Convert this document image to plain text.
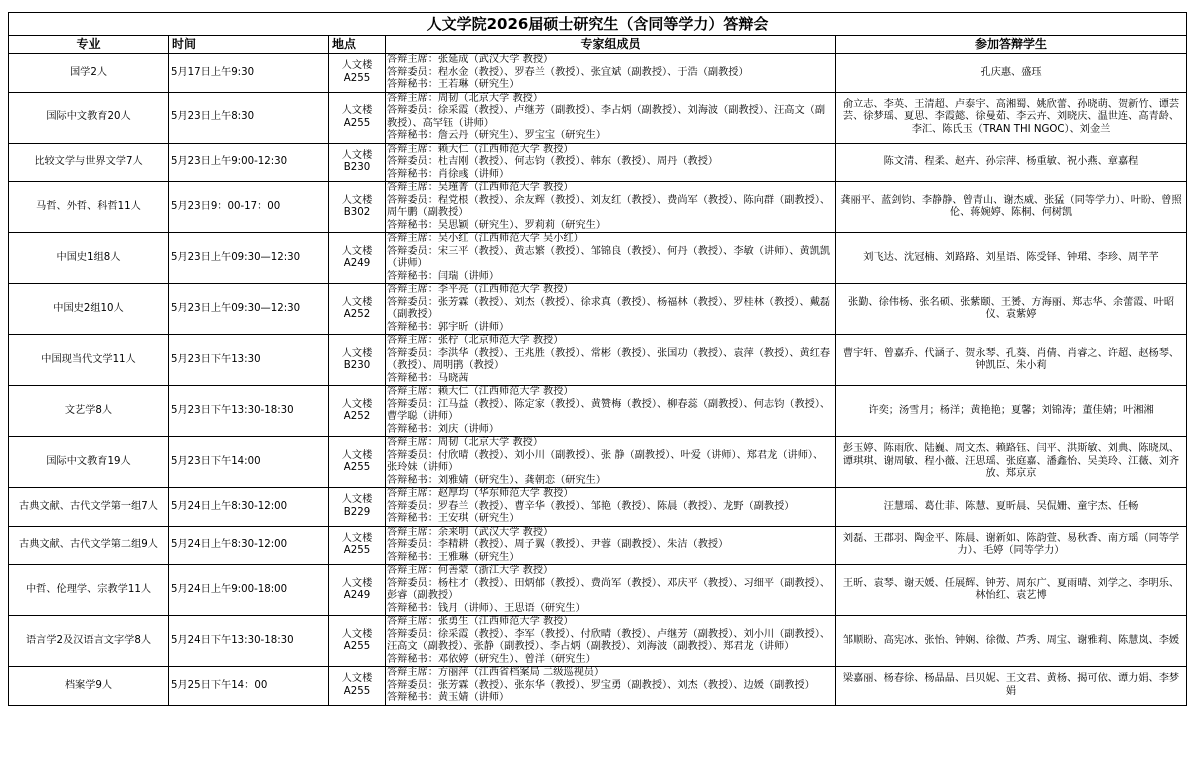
人文学院2026届硕士研究生（含同等学力）答辩会				
专业	时间	地点	专家组成员	参加答辩学生
国学2人	5月17日上午9:30	人文楼A255	答辩主席：张延成（武汉大学 教授）
答辩委员：程水金（教授）、罗春兰（教授）、张宜斌（副教授）、于浩（副教授）
答辩秘书：王若琳（研究生）	孔庆惠、盛珏
国际中文教育20人	5月23日上午8:30	人文楼A255	答辩主席：周韧（北京大学 教授）
答辩委员：徐采霞（教授）、卢继芳（副教授）、李占炳（副教授）、刘海波（副教授）、汪高文（副教授）、高罕钰（讲师）
答辩秘书：詹云丹（研究生）、罗宝宝（研究生）	俞立志、李英、王清超、卢泰宇、高湘蜀、姚欣蕾、孙晓萌、贺新竹、谭芸芸、徐梦瑶、夏思、李霞懿、徐曼茹、李云卉、刘晓庆、温世连、高青龄、李汇、陈氏玉（TRAN THI NGOC）、刘金兰
比较文学与世界文学7人	5月23日上午9:00-12:30	人文楼B230	答辩主席：赖大仁（江西师范大学 教授）
答辩委员：杜吉刚（教授）、何志钧（教授）、韩东（教授）、周丹（教授）
答辩秘书：肖徐彧（讲师）	陈文清、程柔、赵卉、孙宗萍、杨重敏、祝小燕、章嘉程
马哲、外哲、科哲11人	5月23日9：00-17：00	人文楼B302	答辩主席：吴瑾菁（江西师范大学 教授）
答辩委员：程党根（教授）、余友辉（教授）、刘友红（教授）、费尚军（教授）、陈向群（副教授）、周午鹏（副教授）
答辩秘书：吴思颖（研究生）、罗莉莉（研究生）	龚丽平、蓝剑钧、李静静、曾青山、谢杰威、张猛（同等学力）、叶盼、曾照伦、蒋婉婷、陈桐、何树凯
中国史1组8人	5月23日上午09:30—12:30	人文楼A249	答辩主席：吴小红（江西师范大学 吴小红）
答辩委员：宋三平（教授）、黄志繁（教授）、邹锦良（教授）、何丹（教授）、李敏（讲师）、黄凯凯（讲师）
答辩秘书：闫瑞（讲师）	刘飞达、沈冠楠、刘路路、刘星语、陈受铎、钟珺、李珍、周芊芊
中国史2组10人	5月23日上午09:30—12:30	人文楼A252	答辩主席：李平亮（江西师范大学 教授）
答辩委员：张芳霖（教授）、刘杰（教授）、徐求真（教授）、杨福林（教授）、罗桂林（教授）、戴磊（副教授）
答辩秘书：郭宇昕（讲师）	张勤、徐伟杨、张名硕、张紫颐、王赟、方海丽、郑志华、余蕾霞、叶昭仪、袁紫婷
中国现当代文学11人	5月23日下午13:30	人文楼B230	答辩主席：张柠（北京师范大学 教授）
答辩委员：李洪华（教授）、王兆胜（教授）、常彬（教授）、张国功（教授）、袁萍（教授）、黄红春（教授）、周明鹃（教授）
答辩秘书：马晓茜	曹宇轩、曾嘉乔、代涵子、贺永琴、孔葵、肖倩、肖睿之、许超、赵杨琴、钟凯臣、朱小莉
文艺学8人	5月23日下午13:30-18:30	人文楼A252	答辩主席：赖大仁（江西师范大学 教授）
答辩委员：江马益（教授）、陈定家（教授）、黄赞梅（教授）、柳春蕊（副教授）、何志钧（教授）、曹学聪（讲师）
答辩秘书：刘庆（讲师）	许奕；汤雪月；杨洋；黄艳艳；夏馨；刘锦涛；董佳婧；叶湘湘
国际中文教育19人	5月23日下午14:00	人文楼A255	答辩主席：周韧（北京大学 教授）
答辩委员：付欣晴（教授）、刘小川（副教授）、张 静（副教授）、叶爱（讲师）、郑君龙（讲师）、张玲妹（讲师）
答辩秘书：刘雅婧（研究生）、龚朝恋（研究生）	彭玉婷、陈雨欣、陆巍、周文杰、赖路钰、闫平、洪斯敏、刘典、陈晓凤、谭琪琪、谢周敏、程小薇、汪思瑶、张庭嘉、潘鑫怡、吴美玲、江薇、刘齐放、郑京京
古典文献、古代文学第一组7人	5月24日上午8:30-12:00	人文楼B229	答辩主席：赵厚均（华东师范大学 教授）
答辩委员：罗春兰（教授）、曹辛华（教授）、邹艳（教授）、陈晨（教授）、龙野（副教授）
答辩秘书：王安琪（研究生）	汪慧瑶、葛仕菲、陈慧、夏昕晨、吴侃姗、童宇杰、任畅
古典文献、古代文学第二组9人	5月24日上午8:30-12:00	人文楼A255	答辩主席：余来明（武汉大学 教授）
答辩委员：李精耕（教授）、周子翼（教授）、尹蓉（副教授）、朱洁（教授）
答辩秘书：王雅琳（研究生）	刘磊、王郡羽、陶金平、陈晨、谢新如、陈韵萱、易秋香、南方瑶（同等学力）、毛婷（同等学力）
中哲、伦理学、宗教学11人	5月24日上午9:00-18:00	人文楼A249	答辩主席：何善蒙（浙江大学 教授）
答辩委员：杨柱才（教授）、田炳郁（教授）、费尚军（教授）、邓庆平（教授）、习细平（副教授）、彭睿（副教授）
答辩秘书：钱月（讲师）、王思语（研究生）	王昕、袁琴、谢天媛、任展辉、钟芳、周东广、夏雨晴、刘学之、李明乐、林怡红、袁艺博
语言学2及汉语言文字学8人	5月24日下午13:30-18:30	人文楼A255	答辩主席：张勇生（江西师范大学 教授）
答辩委员：徐采霞（教授）、李军（教授）、付欣晴（教授）、卢继芳（副教授）、刘小川（副教授）、汪高文（副教授）、张静（副教授）、李占炳（副教授）、刘海波（副教授）、郑君龙（讲师）
答辩秘书：邓依婷（研究生）、曾洋（研究生）	邹顺盼、高宪冰、张怡、钟娴、徐微、芦秀、周宝、谢雅莉、陈慧岚、李媛
档案学9人	5月25日下午14：00	人文楼A255	答辩主席：方丽萍（江西省档案局 二级巡视员）
答辩委员：张芳霖（教授）、张东华（教授）、罗宝勇（副教授）、刘杰（教授）、边媛（副教授）
答辩秘书：黄玉婧（讲师）	梁嘉丽、杨春徐、杨晶晶、吕贝妮、王文君、黄杨、揭可依、谭力娟、李梦娟
